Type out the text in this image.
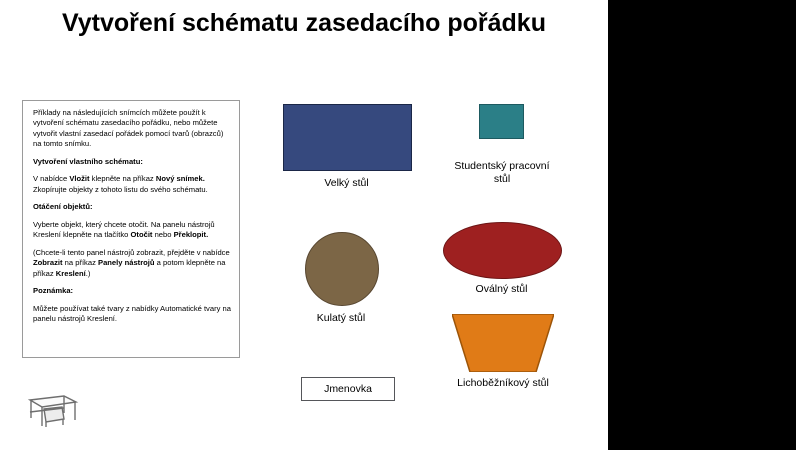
Vytvoření schématu zasedacího pořádku

Příklady na následujících snímcích můžete použít k vytvoření schématu zasedacího pořádku, nebo můžete vytvořit vlastní zasedací pořádek pomocí tvarů (obrazců) na tomto snímku.

Vytvoření vlastního schématu:

V nabídce Vložit klepněte na příkaz Nový snímek. Zkopírujte objekty z tohoto listu do svého schématu.

Otáčení objektů:

Vyberte objekt, který chcete otočit. Na panelu nástrojů Kreslení klepněte na tlačítko Otočit nebo Překlopit.

(Chcete-li tento panel nástrojů zobrazit, přejděte v nabídce Zobrazit na příkaz Panely nástrojů a potom klepněte na příkaz Kreslení.)

Poznámka:

Můžete používat také tvary z nabídky Automatické tvary na panelu nástrojů Kreslení.

Velký stůl
Studentský pracovní stůl
Oválný stůl
Kulatý stůl
Lichoběžníkový stůl
Jmenovka
